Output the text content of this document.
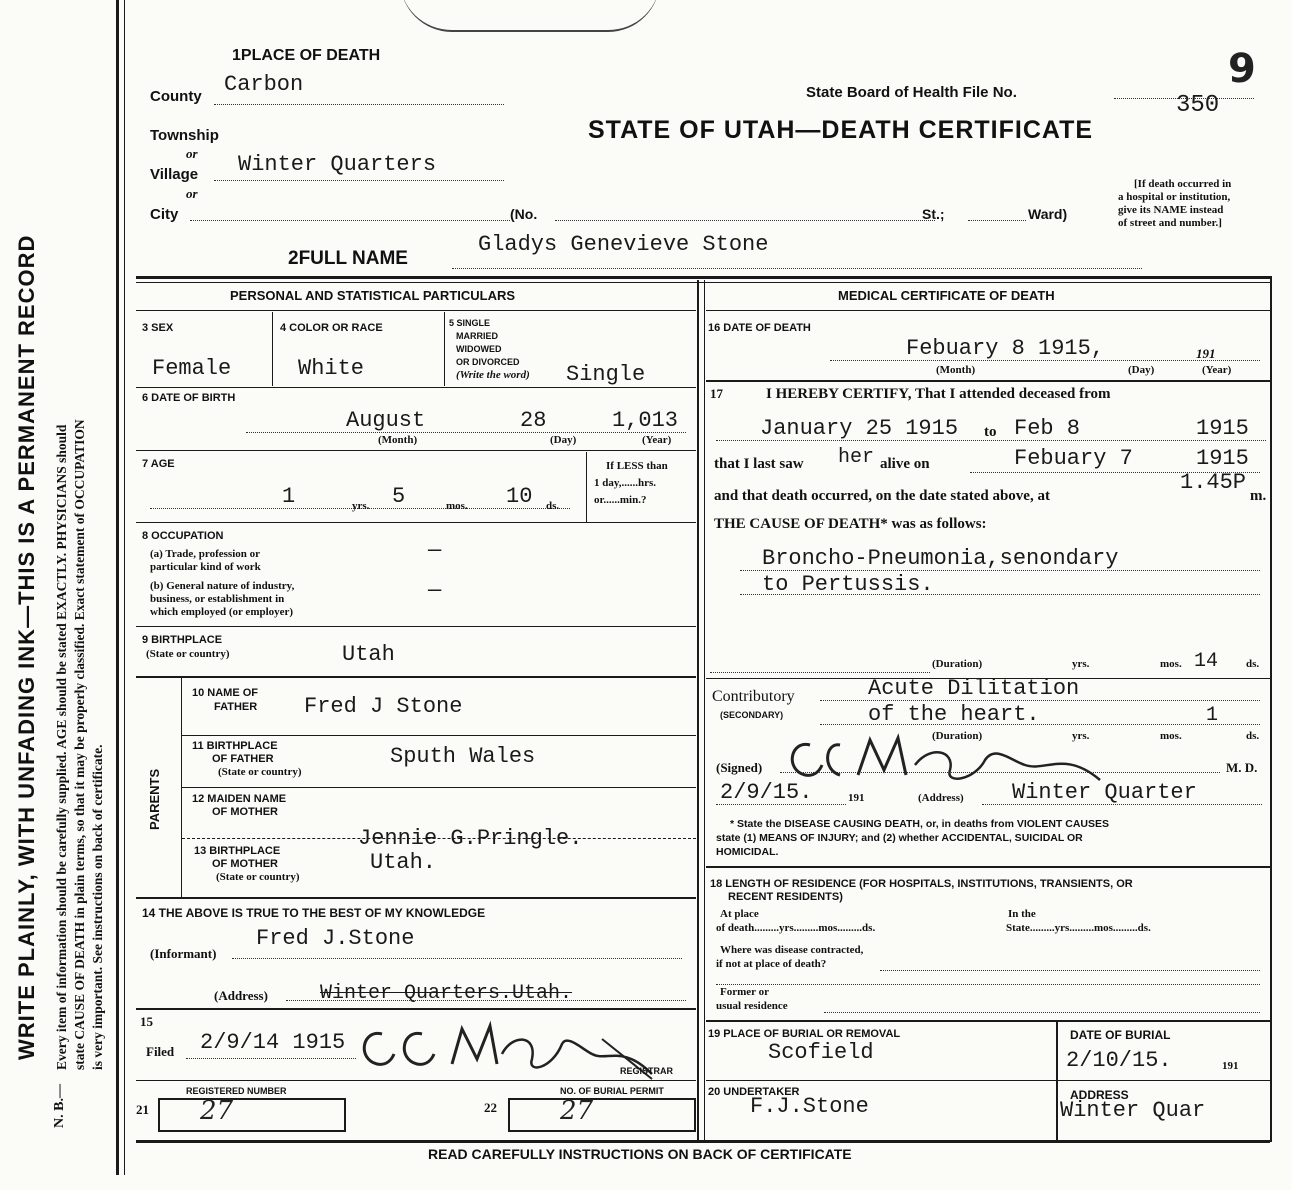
WRITE PLAINLY, WITH UNFADING INK—THIS IS A PERMANENT RECORD
N. B.—
Every item of information should be carefully supplied. AGE should be stated EXACTLY. PHYSICIANS should state CAUSE OF DEATH in plain terms, so that it may be properly classified. Exact statement of OCCUPATION is very important. See instructions on back of certificate.
1PLACE OF DEATH
County Carbon
Township
or
Village Winter Quarters
or
City	(No.	St.;	Ward)
State Board of Health File No.
9
350
STATE OF UTAH—DEATH CERTIFICATE
[If death occurred in
a hospital or institution,
give its NAME instead
of street and number.]
2FULL NAME
Gladys Genevieve Stone
PERSONAL AND STATISTICAL PARTICULARS
3 SEX
Female
4 COLOR OR RACE
White
5 SINGLE
MARRIED
WIDOWED
OR DIVORCED
(Write the word) Single
6 DATE OF BIRTH
August	28	1,013
(Month)	(Day)	(Year)
7 AGE
1	yrs. 5	mos. 10 ds.
If LESS than
1 day,......hrs.
or......min.?
8 OCCUPATION
(a) Trade, profession or
particular kind of work
—
(b) General nature of industry,
business, or establishment in
which employed (or employer)
—
9 BIRTHPLACE
(State or country)	Utah
PARENTS
10 NAME OF
FATHER Fred J Stone
11 BIRTHPLACE
OF FATHER
(State or country)
Sputh Wales
12 MAIDEN NAME
OF MOTHER
Jennie G.Pringle.
13 BIRTHPLACE
OF MOTHER
(State or country)
Utah.
14 THE ABOVE IS TRUE TO THE BEST OF MY KNOWLEDGE
(Informant)
Fred J.Stone
(Address)	Winter Quarters.Utah.
15
Filed 2/9/14 1915
REGISTRAR
REGISTERED NUMBER
21 27
NO. OF BURIAL PERMIT
22 27
MEDICAL CERTIFICATE OF DEATH
16 DATE OF DEATH
Febuary 8 1915,	191
(Month)	(Day)	(Year)
17	I HEREBY CERTIFY, That I attended deceased from
January 25 1915 to Feb 8	1915
that I last saw her alive on	Febuary 7	1915
and that death occurred, on the date stated above, at
1.45P
m.
THE CAUSE OF DEATH* was as follows:
Broncho-Pneumonia,senondary
to Pertussis.
(Duration)	yrs.	mos. 14	ds.
Contributory
(SECONDARY)
Acute Dilitation
of the heart.	1
(Duration)	yrs.	mos.	ds.
(Signed)	M. D.
2/9/15.	191	(Address) Winter Quarter
* State the DISEASE CAUSING DEATH, or, in deaths from VIOLENT CAUSES
state (1) MEANS OF INJURY; and (2) whether ACCIDENTAL, SUICIDAL OR
HOMICIDAL.
18 LENGTH OF RESIDENCE (FOR HOSPITALS, INSTITUTIONS, TRANSIENTS, OR
RECENT RESIDENTS)
At place
of death.........yrs.........mos.........ds.
In the
State.........yrs.........mos.........ds.
Where was disease contracted,
if not at place of death?
Former or
usual residence
19 PLACE OF BURIAL OR REMOVAL
Scofield
DATE OF BURIAL
2/10/15.	191
20 UNDERTAKER
F.J.Stone	ADDRESS
Winter Quar
READ CAREFULLY INSTRUCTIONS ON BACK OF CERTIFICATE
